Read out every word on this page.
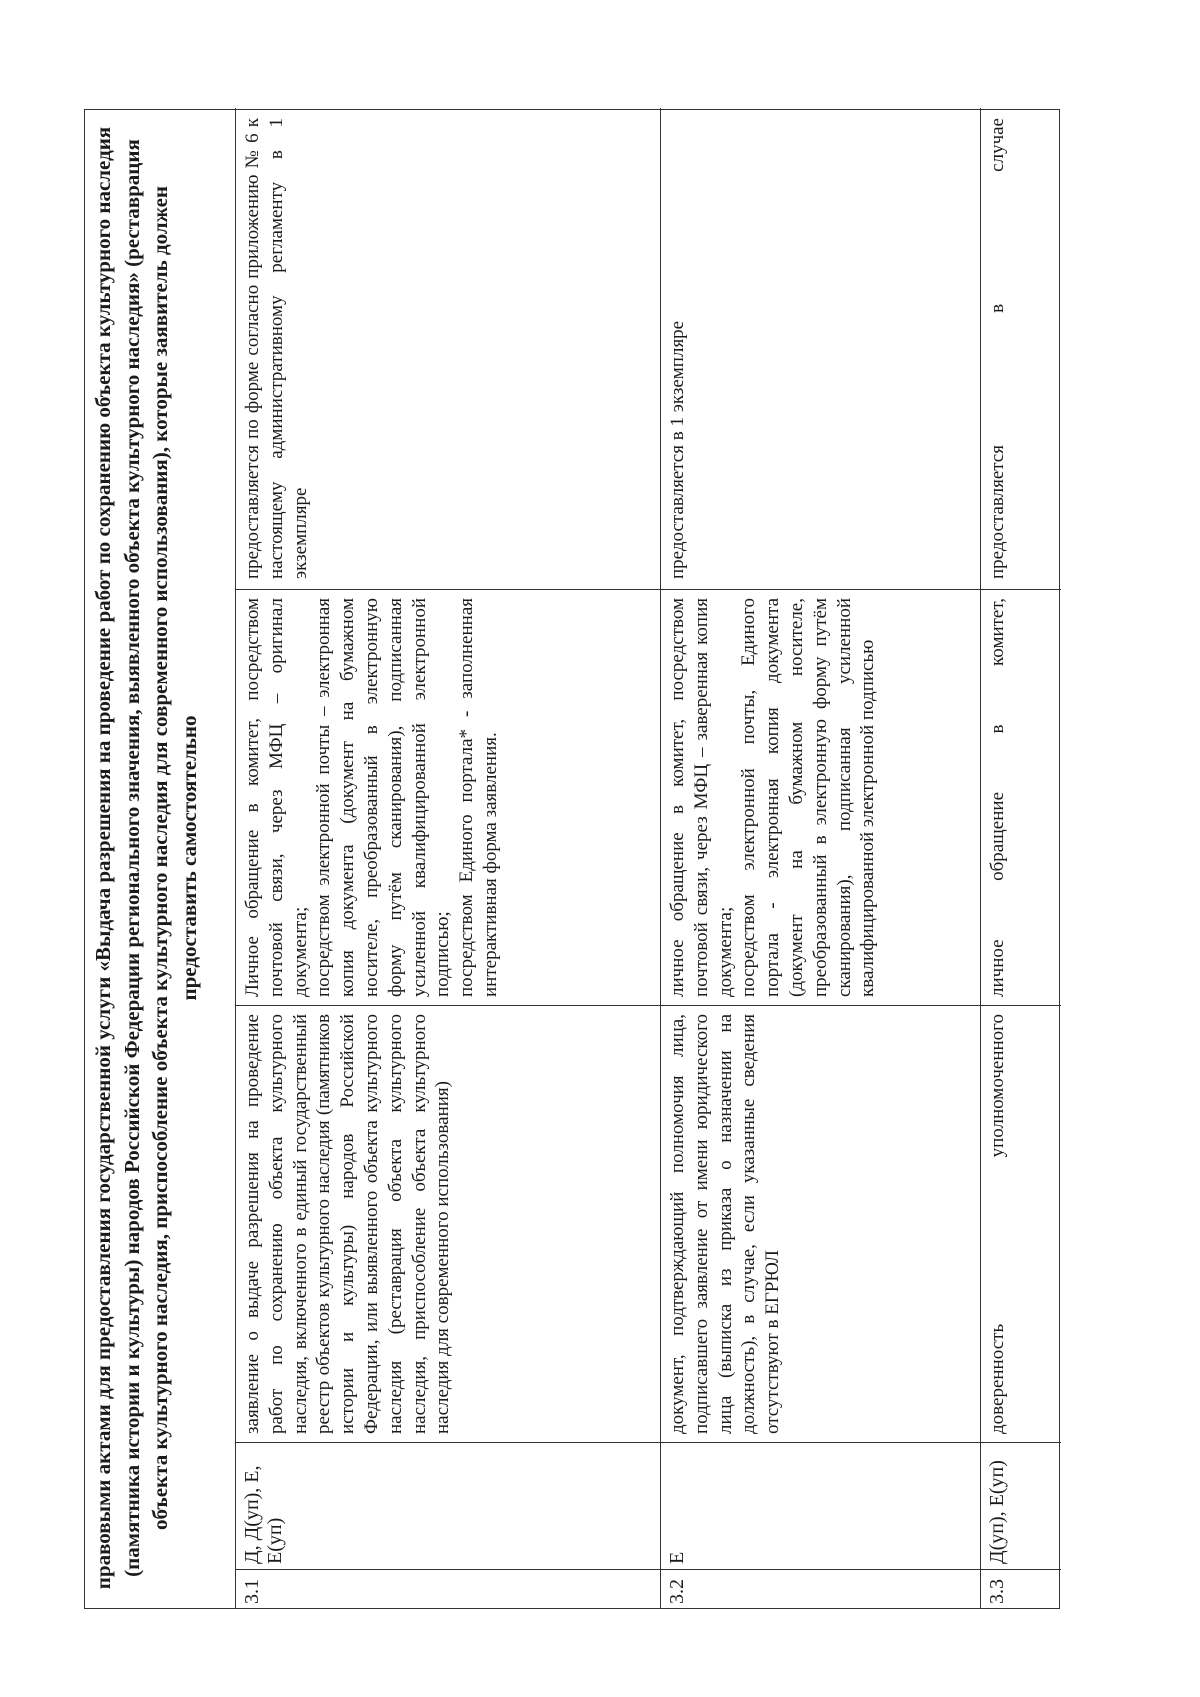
правовыми актами для предоставления государственной услуги «Выдача разрешения на проведение работ по сохранению объекта культурного наследия (памятника истории и культуры) народов Российской Федерации регионального значения, выявленного объекта культурного наследия» (реставрация объекта культурного наследия, приспособление объекта культурного наследия для современного использования), которые заявитель должен предоставить самостоятельно
3.1
Д, Д(уп), Е, Е(уп)
заявление о выдаче разрешения на проведение работ по сохранению объекта культурного наследия, включенного в единый государственный реестр объектов культурного наследия (памятников истории и культуры) народов Российской Федерации, или выявленного объекта культурного наследия (реставрация объекта культурного наследия, приспособление объекта культурного наследия для современного использования)

Личное обращение в комитет, посредством почтовой связи, через МФЦ – оригинал документа; посредством электронной почты – электронная копия документа (документ на бумажном носителе, преобразованный в электронную форму путём сканирования), подписанная усиленной квалифицированной электронной подписью; посредством Единого портала* - заполненная интерактивная форма заявления.

предоставляется по форме согласно приложению № 6 к настоящему административному регламенту в 1 экземпляре
3.2
Е
документ, подтверждающий полномочия лица, подписавшего заявление от имени юридического лица (выписка из приказа о назначении на должность), в случае, если указанные сведения отсутствуют в ЕГРЮЛ

личное обращение в комитет, посредством почтовой связи, через МФЦ – заверенная копия документа; посредством электронной почты, Единого портала - электронная копия документа (документ на бумажном носителе, преобразованный в электронную форму путём сканирования), подписанная усиленной квалифицированной электронной подписью

предоставляется в 1 экземпляре
3.3
Д(уп), Е(уп)
доверенность уполномоченного

личное обращение в комитет,

предоставляется в случае
